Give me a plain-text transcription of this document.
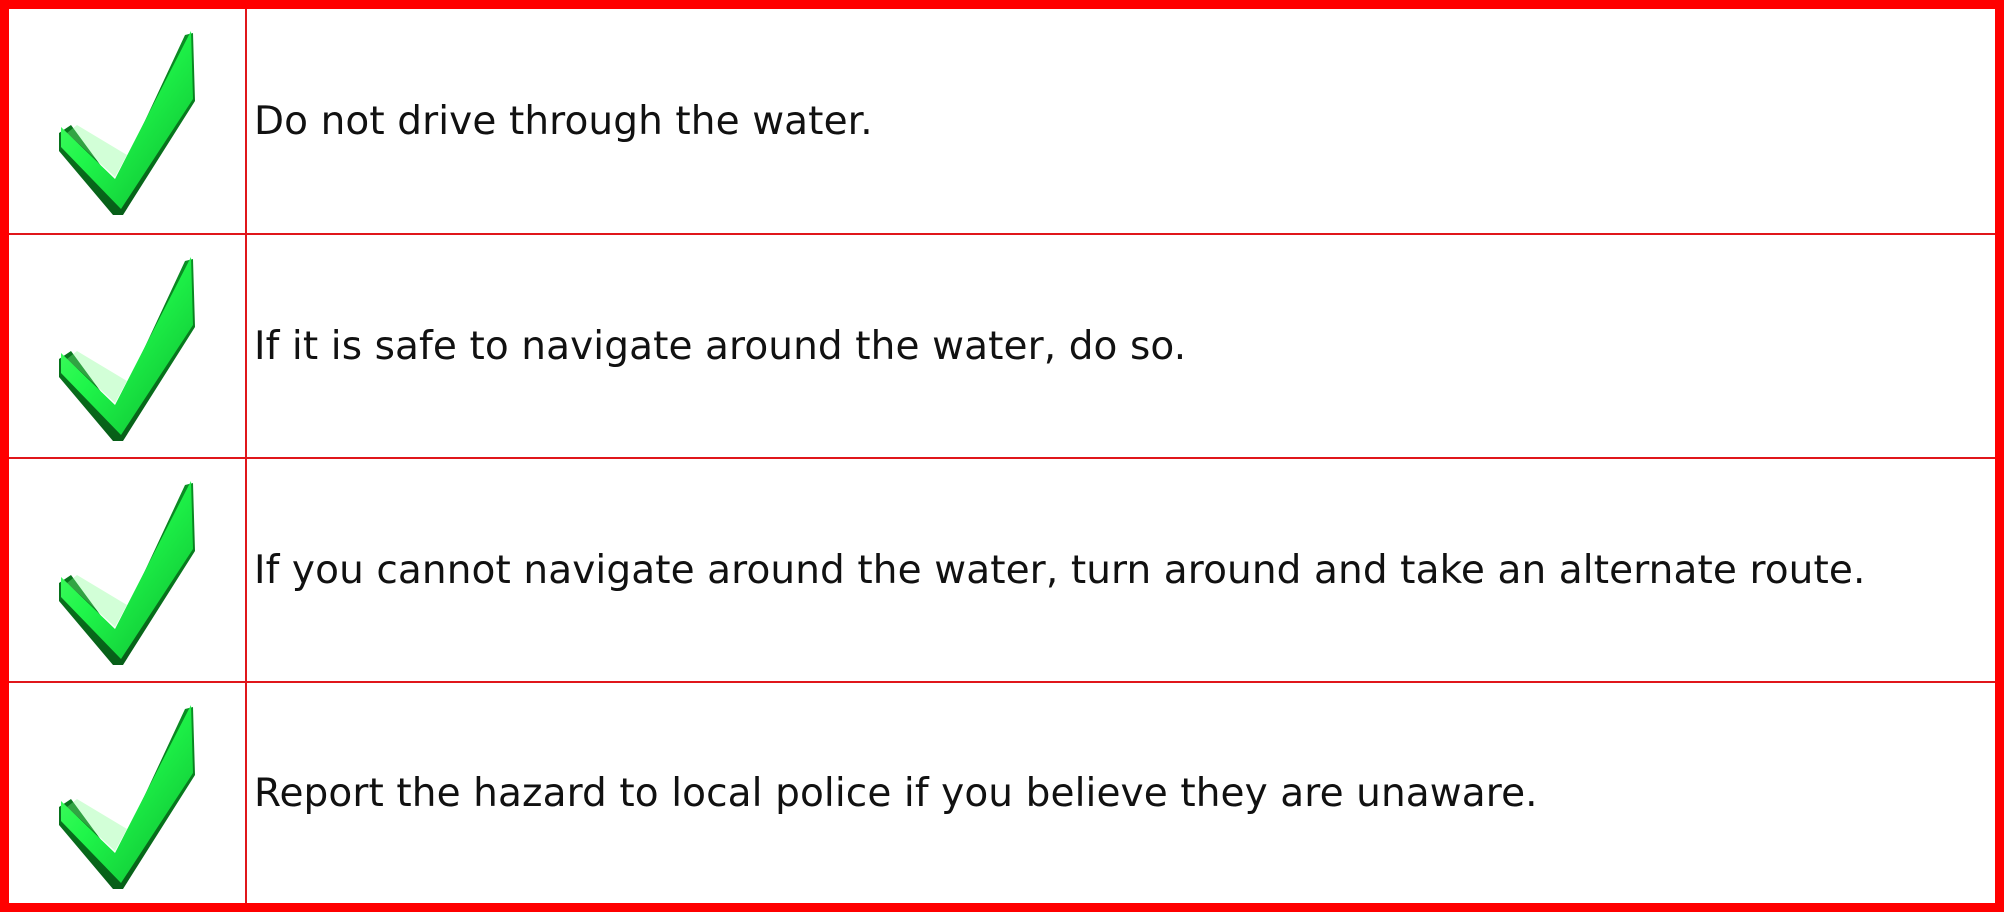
Do not drive through the water.
If it is safe to navigate around the water, do so.
If you cannot navigate around the water, turn around and take an alternate route.
Report the hazard to local police if you believe they are unaware.
